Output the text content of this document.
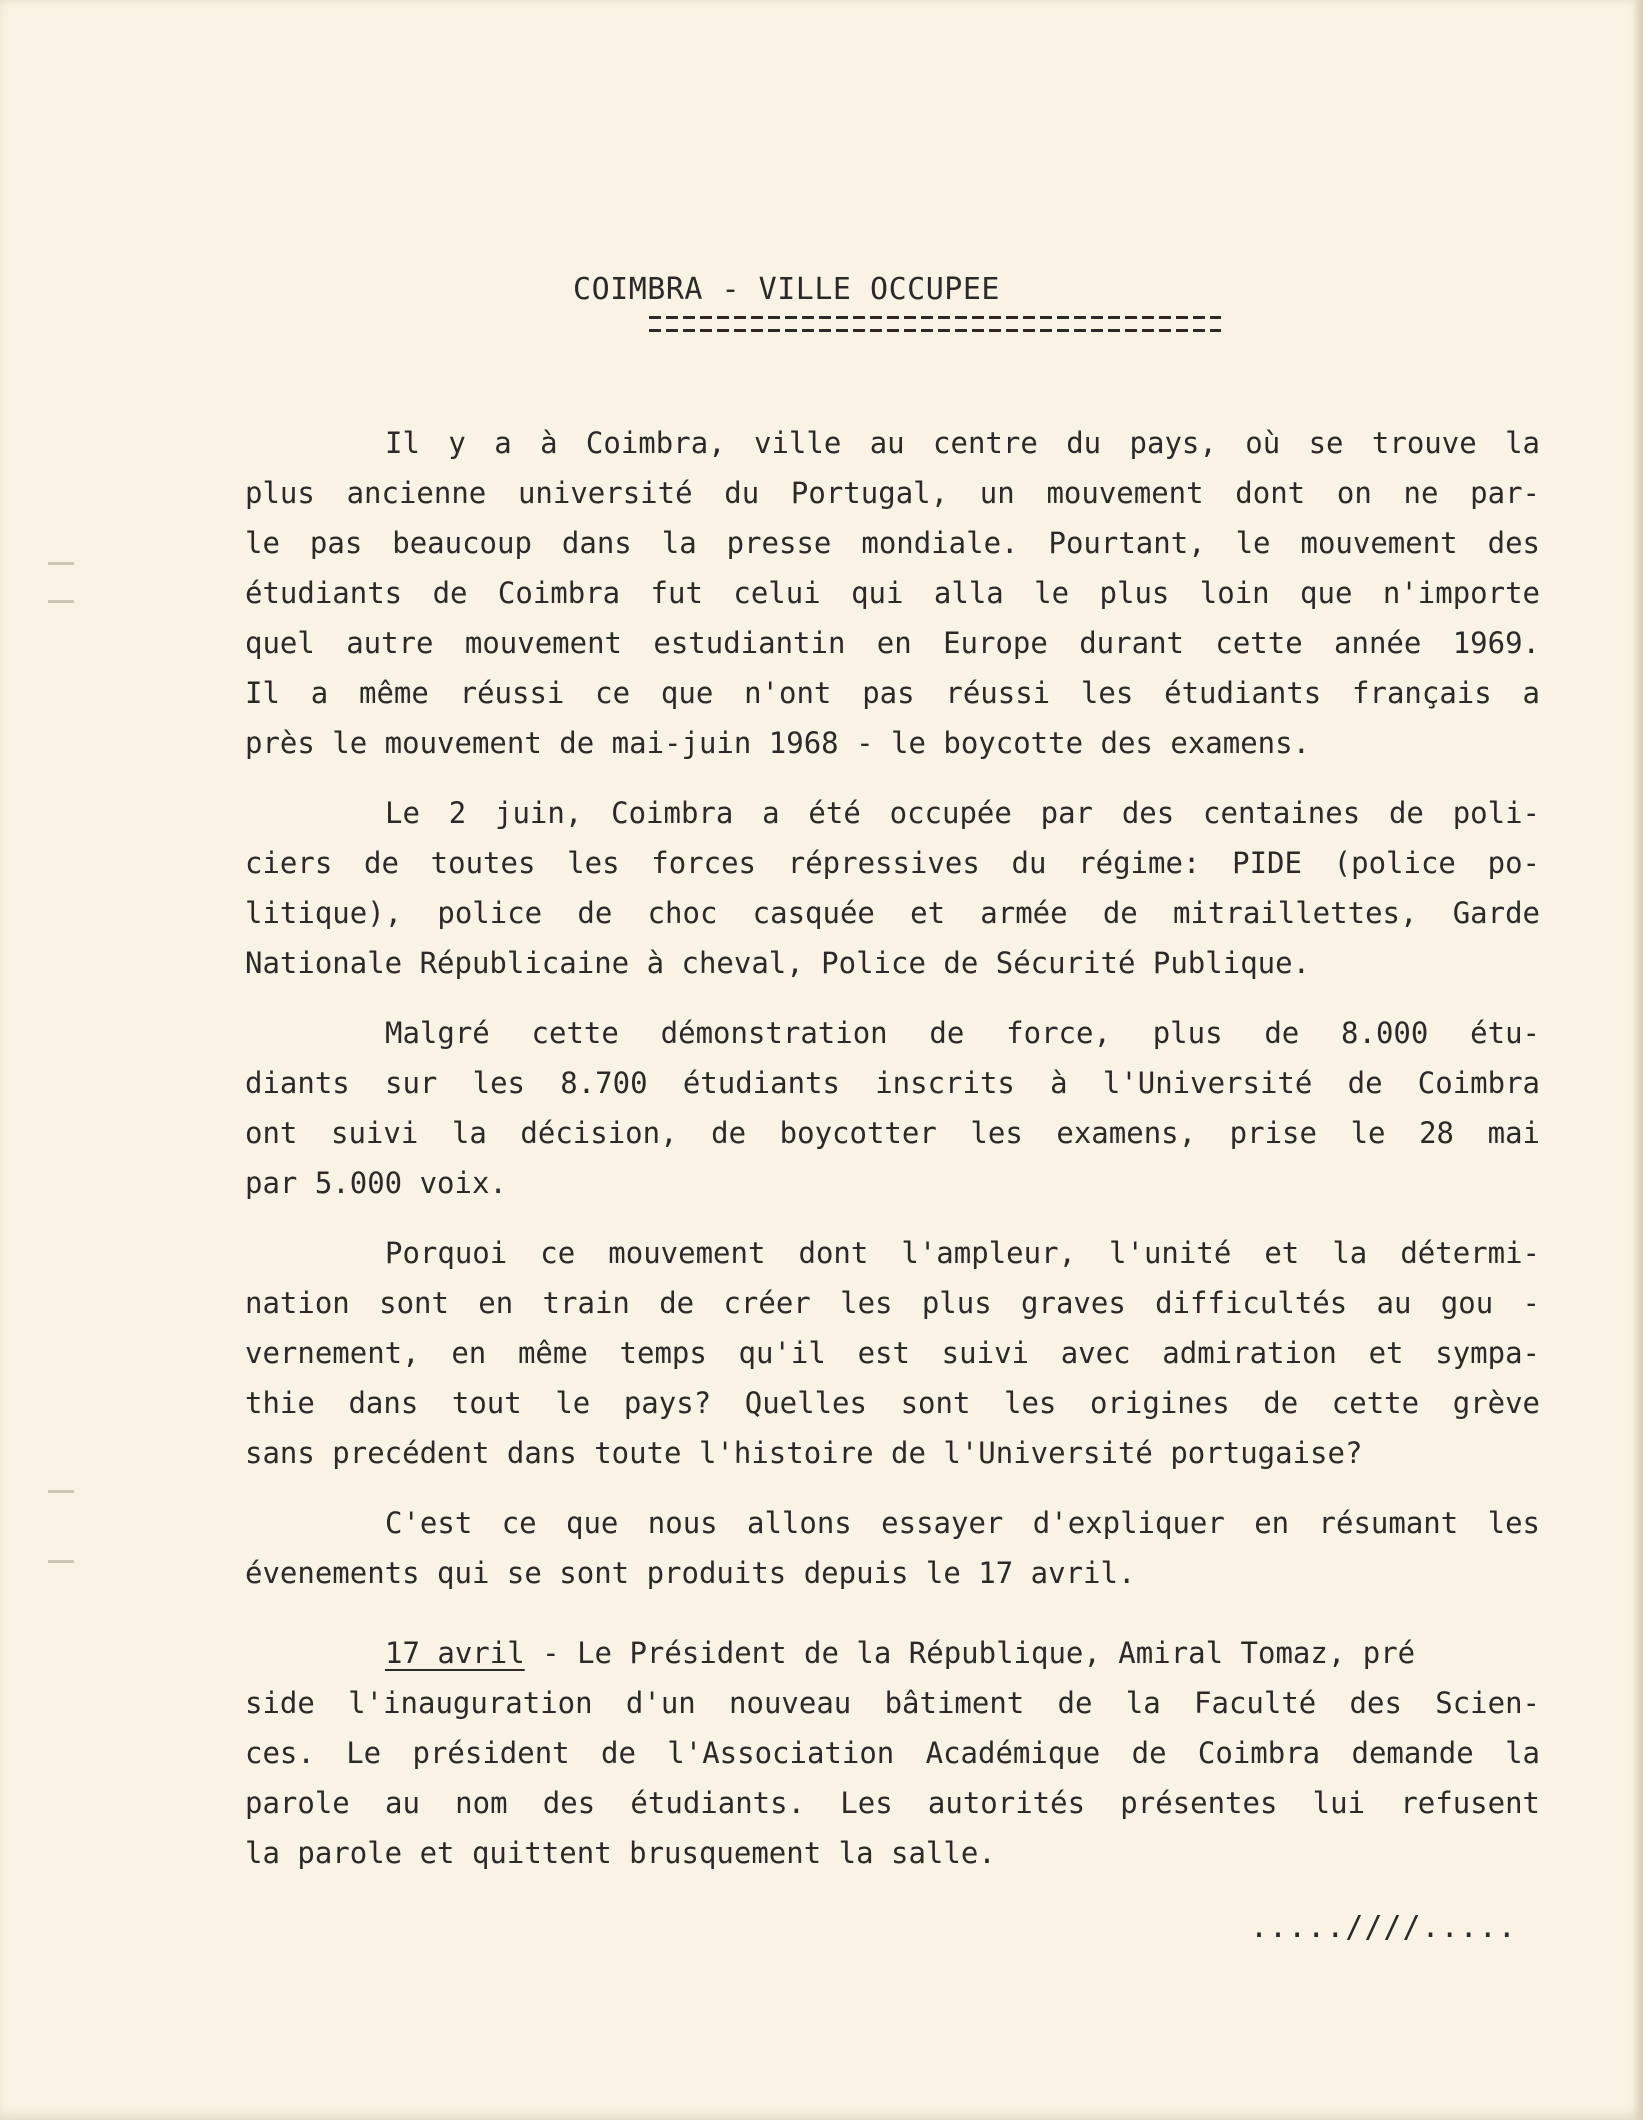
COIMBRA - VILLE OCCUPEE
Il y a à Coimbra, ville au centre du pays, où se trouve la
plus ancienne université du Portugal, un mouvement dont on ne par-
le pas beaucoup dans la presse mondiale. Pourtant, le mouvement des
étudiants de Coimbra fut celui qui alla le plus loin que n'importe
quel autre mouvement estudiantin en Europe durant cette année 1969.
Il a même réussi ce que n'ont pas réussi les étudiants français a
près le mouvement de mai-juin 1968 - le boycotte des examens.
Le 2 juin, Coimbra a été occupée par des centaines de poli-
ciers de toutes les forces répressives du régime: PIDE (police po-
litique), police de choc casquée et armée de mitraillettes, Garde
Nationale Républicaine à cheval, Police de Sécurité Publique.
Malgré cette démonstration de force, plus de 8.000 étu-
diants sur les 8.700 étudiants inscrits à l'Université de Coimbra
ont suivi la décision, de boycotter les examens, prise le 28 mai
par 5.000 voix.
Porquoi ce mouvement dont l'ampleur, l'unité et la détermi-
nation sont en train de créer les plus graves difficultés au gou -
vernement, en même temps qu'il est suivi avec admiration et sympa-
thie dans tout le pays? Quelles sont les origines de cette grève
sans precédent dans toute l'histoire de l'Université portugaise?
C'est ce que nous allons essayer d'expliquer en résumant les
évenements qui se sont produits depuis le 17 avril.
17 avril - Le Président de la République, Amiral Tomaz, pré
side l'inauguration d'un nouveau bâtiment de la Faculté des Scien-
ces. Le président de l'Association Académique de Coimbra demande la
parole au nom des étudiants. Les autorités présentes lui refusent
la parole et quittent brusquement la salle.
.....////.....
